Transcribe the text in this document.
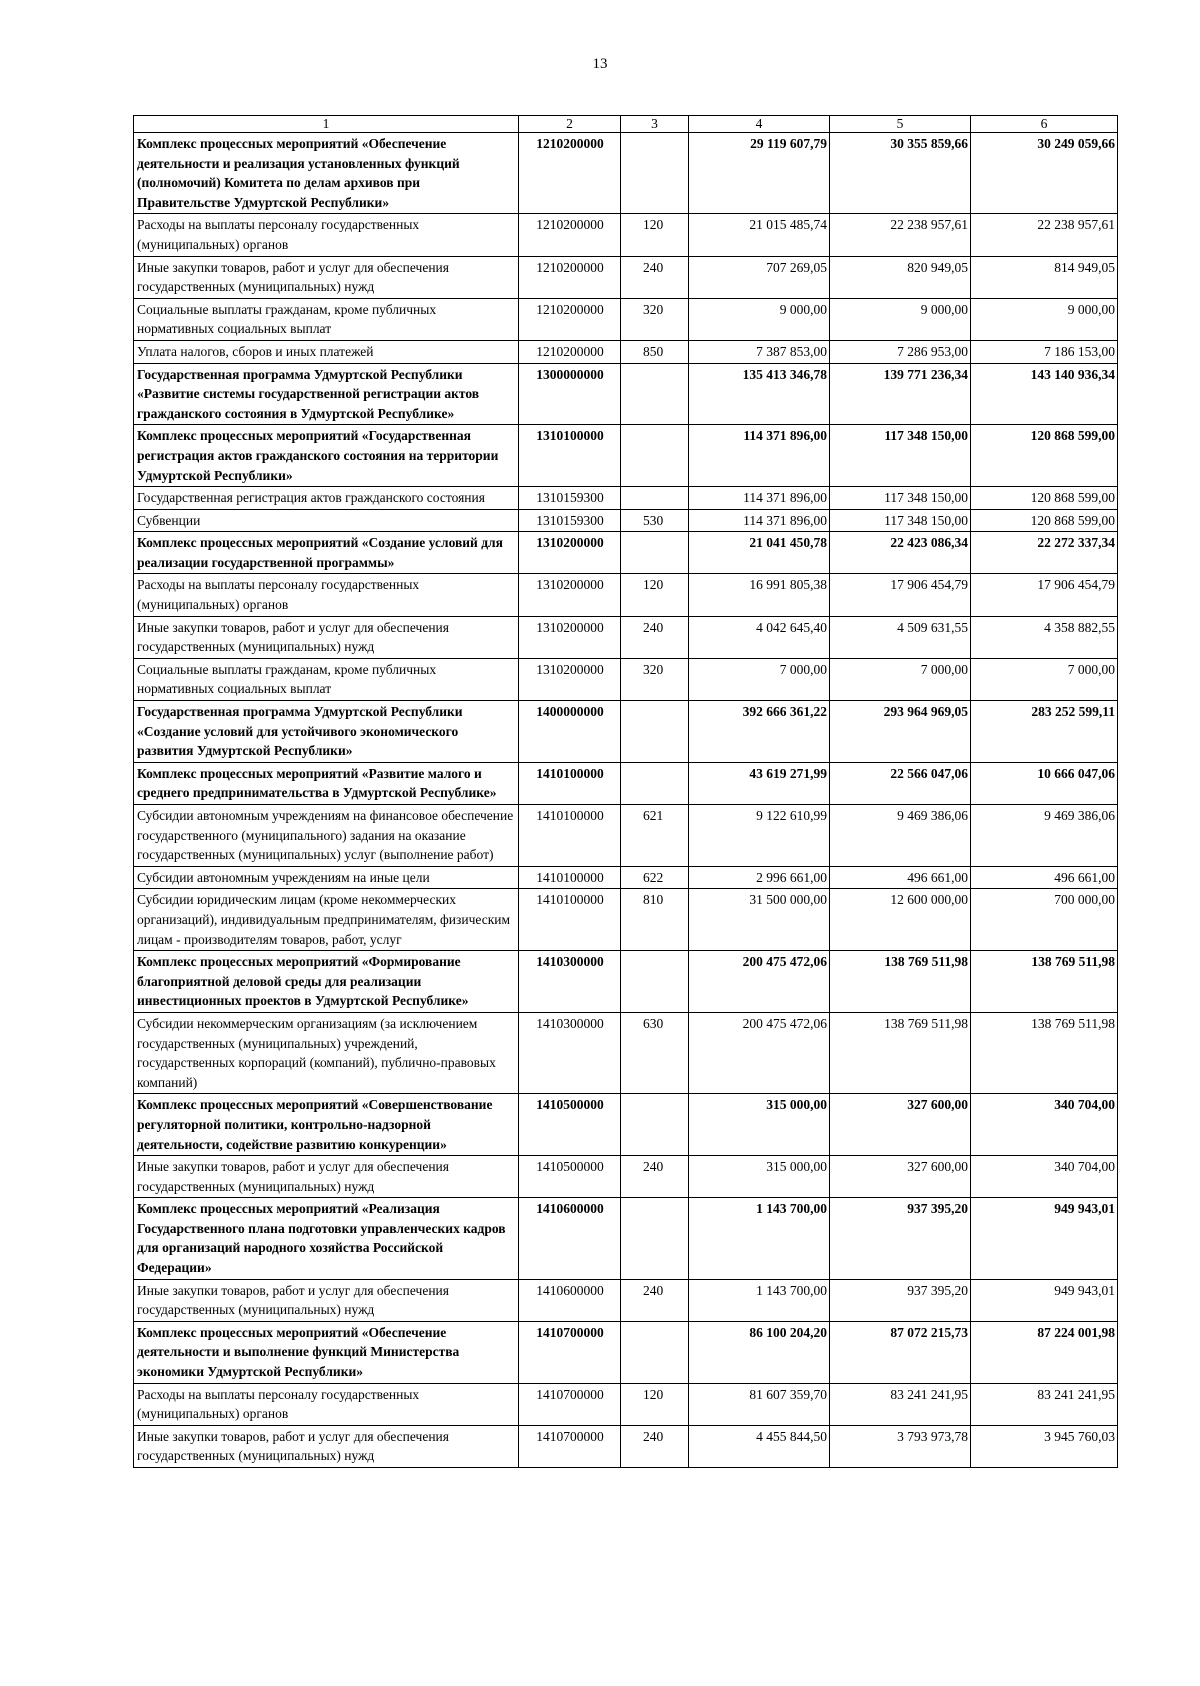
13
1	2	3	4	5	6
Комплекс процессных мероприятий «Обеспечение деятельности и реализация установленных функций (полномочий) Комитета по делам архивов при Правительстве Удмуртской Республики»	1210200000		29 119 607,79	30 355 859,66	30 249 059,66
Расходы на выплаты персоналу государственных (муниципальных) органов	1210200000	120	21 015 485,74	22 238 957,61	22 238 957,61
Иные закупки товаров, работ и услуг для обеспечения государственных (муниципальных) нужд	1210200000	240	707 269,05	820 949,05	814 949,05
Социальные выплаты гражданам, кроме публичных нормативных социальных выплат	1210200000	320	9 000,00	9 000,00	9 000,00
Уплата налогов, сборов и иных платежей	1210200000	850	7 387 853,00	7 286 953,00	7 186 153,00
Государственная программа Удмуртской Республики «Развитие системы государственной регистрации актов гражданского состояния в Удмуртской Республике»	1300000000		135 413 346,78	139 771 236,34	143 140 936,34
Комплекс процессных мероприятий «Государственная регистрация актов гражданского состояния на территории Удмуртской Республики»	1310100000		114 371 896,00	117 348 150,00	120 868 599,00
Государственная регистрация актов гражданского состояния	1310159300		114 371 896,00	117 348 150,00	120 868 599,00
Субвенции	1310159300	530	114 371 896,00	117 348 150,00	120 868 599,00
Комплекс процессных мероприятий «Создание условий для реализации государственной программы»	1310200000		21 041 450,78	22 423 086,34	22 272 337,34
Расходы на выплаты персоналу государственных (муниципальных) органов	1310200000	120	16 991 805,38	17 906 454,79	17 906 454,79
Иные закупки товаров, работ и услуг для обеспечения государственных (муниципальных) нужд	1310200000	240	4 042 645,40	4 509 631,55	4 358 882,55
Социальные выплаты гражданам, кроме публичных нормативных социальных выплат	1310200000	320	7 000,00	7 000,00	7 000,00
Государственная программа Удмуртской Республики «Создание условий для устойчивого экономического развития Удмуртской Республики»	1400000000		392 666 361,22	293 964 969,05	283 252 599,11
Комплекс процессных мероприятий «Развитие малого и среднего предпринимательства в Удмуртской Республике»	1410100000		43 619 271,99	22 566 047,06	10 666 047,06
Субсидии автономным учреждениям на финансовое обеспечение государственного (муниципального) задания на оказание государственных (муниципальных) услуг (выполнение работ)	1410100000	621	9 122 610,99	9 469 386,06	9 469 386,06
Субсидии автономным учреждениям на иные цели	1410100000	622	2 996 661,00	496 661,00	496 661,00
Субсидии юридическим лицам (кроме некоммерческих организаций), индивидуальным предпринимателям, физическим лицам - производителям товаров, работ, услуг	1410100000	810	31 500 000,00	12 600 000,00	700 000,00
Комплекс процессных мероприятий «Формирование благоприятной деловой среды для реализации инвестиционных проектов в Удмуртской Республике»	1410300000		200 475 472,06	138 769 511,98	138 769 511,98
Субсидии некоммерческим организациям (за исключением государственных (муниципальных) учреждений, государственных корпораций (компаний), публично-правовых компаний)	1410300000	630	200 475 472,06	138 769 511,98	138 769 511,98
Комплекс процессных мероприятий «Совершенствование регуляторной политики, контрольно-надзорной деятельности, содействие развитию конкуренции»	1410500000		315 000,00	327 600,00	340 704,00
Иные закупки товаров, работ и услуг для обеспечения государственных (муниципальных) нужд	1410500000	240	315 000,00	327 600,00	340 704,00
Комплекс процессных мероприятий «Реализация Государственного плана подготовки управленческих кадров для организаций народного хозяйства Российской Федерации»	1410600000		1 143 700,00	937 395,20	949 943,01
Иные закупки товаров, работ и услуг для обеспечения государственных (муниципальных) нужд	1410600000	240	1 143 700,00	937 395,20	949 943,01
Комплекс процессных мероприятий «Обеспечение деятельности и выполнение функций Министерства экономики Удмуртской Республики»	1410700000		86 100 204,20	87 072 215,73	87 224 001,98
Расходы на выплаты персоналу государственных (муниципальных) органов	1410700000	120	81 607 359,70	83 241 241,95	83 241 241,95
Иные закупки товаров, работ и услуг для обеспечения государственных (муниципальных) нужд	1410700000	240	4 455 844,50	3 793 973,78	3 945 760,03
